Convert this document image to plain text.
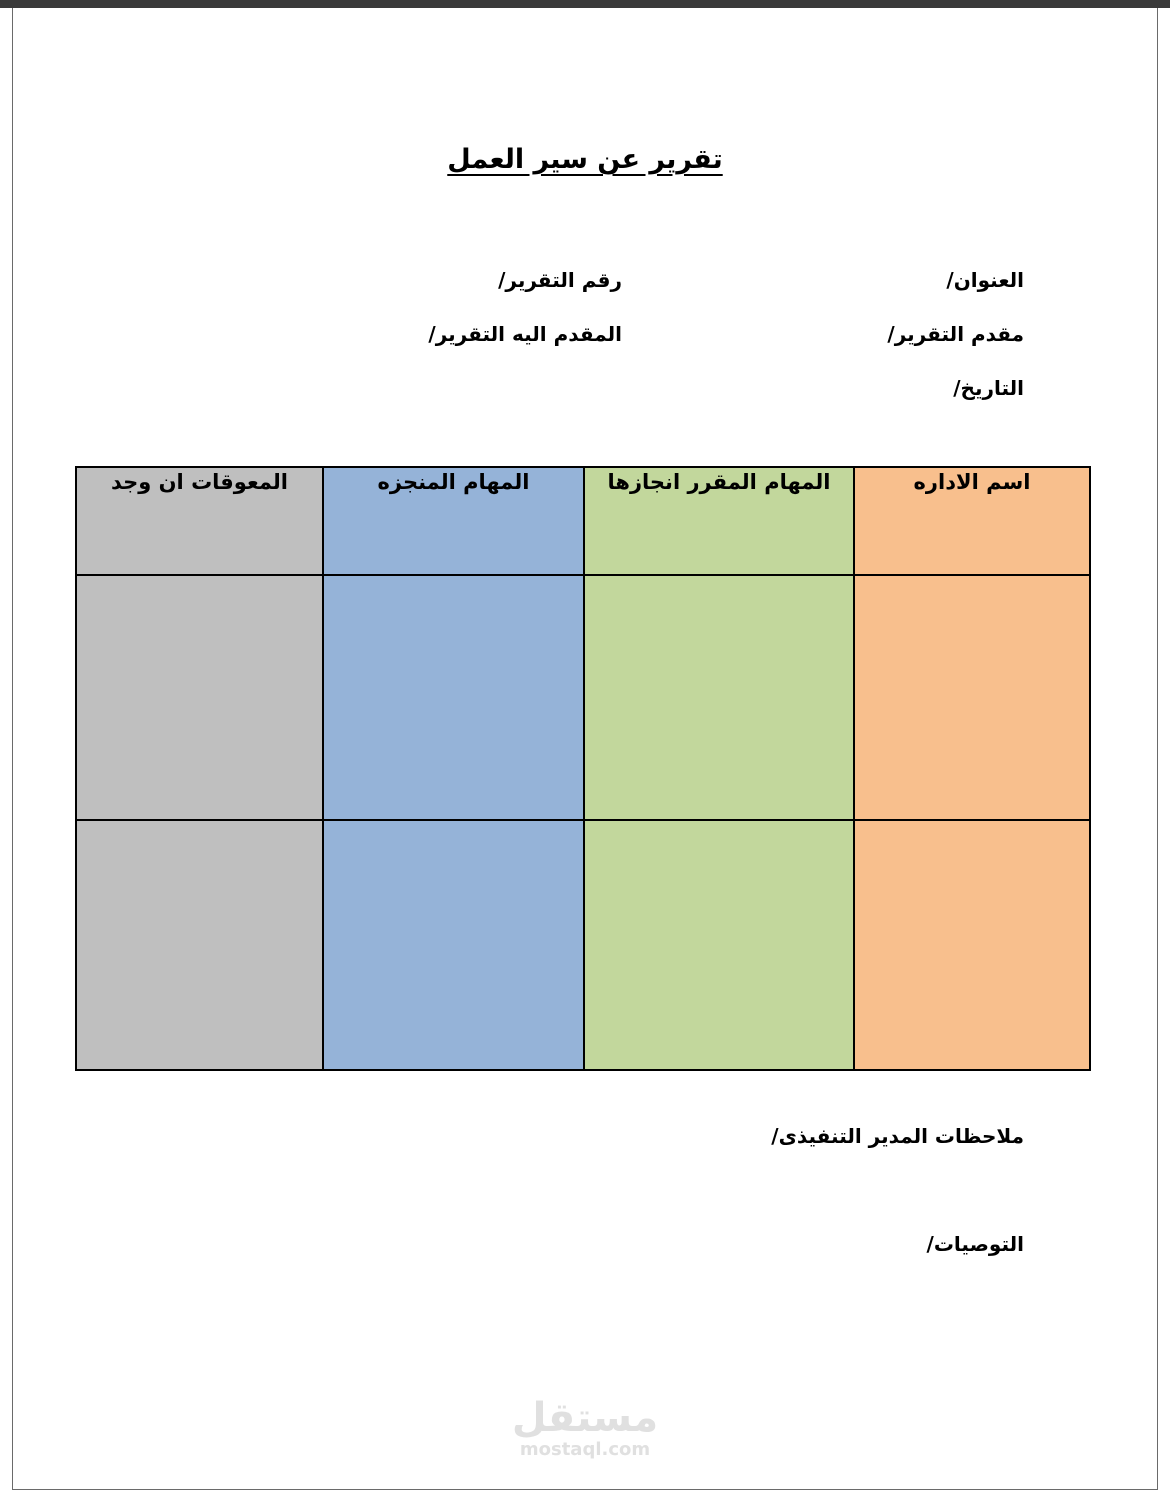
تقرير عن سير العمل
العنوان/
رقم التقرير/
مقدم التقرير/
المقدم اليه التقرير/
التاريخ/
اسم الاداره	المهام المقرر انجازها	المهام المنجزه	المعوقات ان وجد

ملاحظات المدير التنفيذى/
التوصيات/
مستقل
mostaql.com
